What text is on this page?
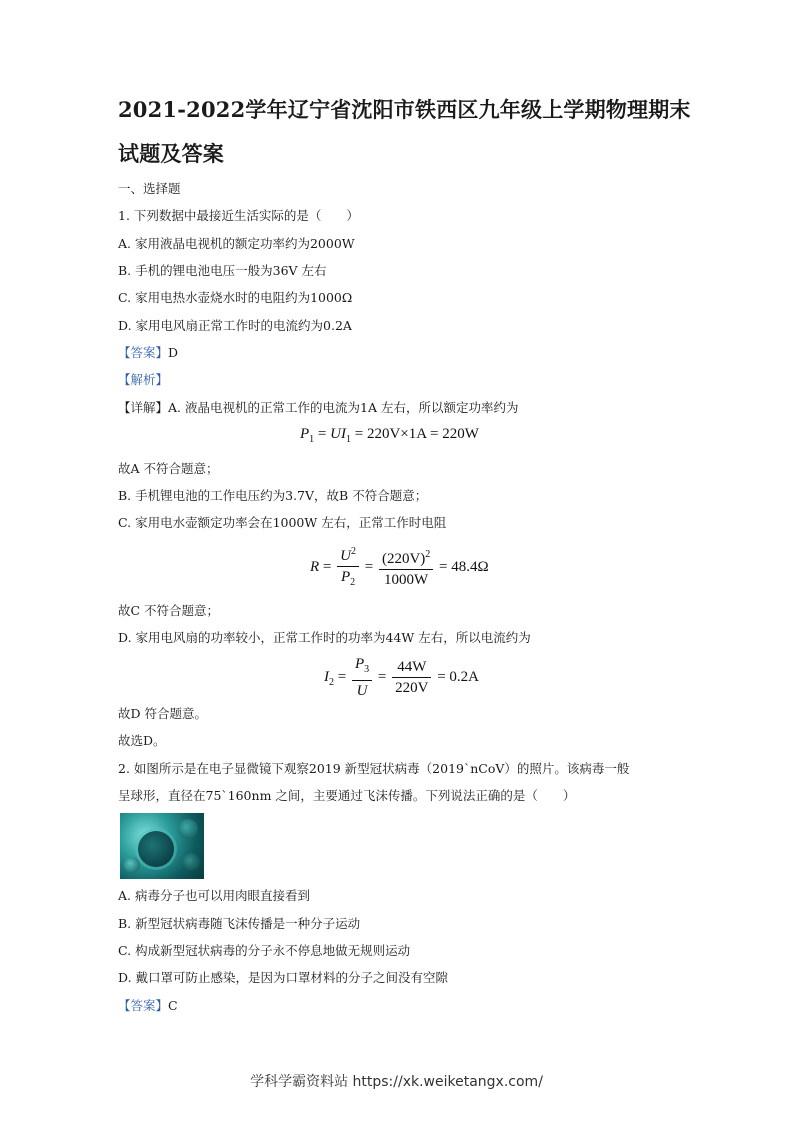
2021-2022学年辽宁省沈阳市铁西区九年级上学期物理期末
试题及答案
一、选择题
1. 下列数据中最接近生活实际的是（　　）
A. 家用液晶电视机的额定功率约为2000W
B. 手机的锂电池电压一般为36V 左右
C. 家用电热水壶烧水时的电阻约为1000Ω
D. 家用电风扇正常工作时的电流约为0.2A
【答案】D
【解析】
【详解】A. 液晶电视机的正常工作的电流为1A 左右，所以额定功率约为
$P_1 = UI_1 = 220V\times 1A = 220W$
故A 不符合题意；
B. 手机锂电池的工作电压约为3.7V，故B 不符合题意；
C. 家用电水壶额定功率会在1000W 左右，正常工作时电阻
$R = \frac{U^2}{P_2} = \frac{(220V)^2}{1000W} = 48.4\Omega$
故C 不符合题意；
D. 家用电风扇的功率较小，正常工作时的功率为44W 左右，所以电流约为
$I_2 = \frac{P_3}{U} = \frac{44W}{220V} = 0.2A$
故D 符合题意。
故选D。
2. 如图所示是在电子显微镜下观察2019 新型冠状病毒（2019`nCoV）的照片。该病毒一般
呈球形，直径在75`160nm 之间，主要通过飞沫传播。下列说法正确的是（　　）
A. 病毒分子也可以用肉眼直接看到
B. 新型冠状病毒随飞沫传播是一种分子运动
C. 构成新型冠状病毒的分子永不停息地做无规则运动
D. 戴口罩可防止感染，是因为口罩材料的分子之间没有空隙
【答案】C
学科学霸资料站 https://xk.weiketangx.com/
